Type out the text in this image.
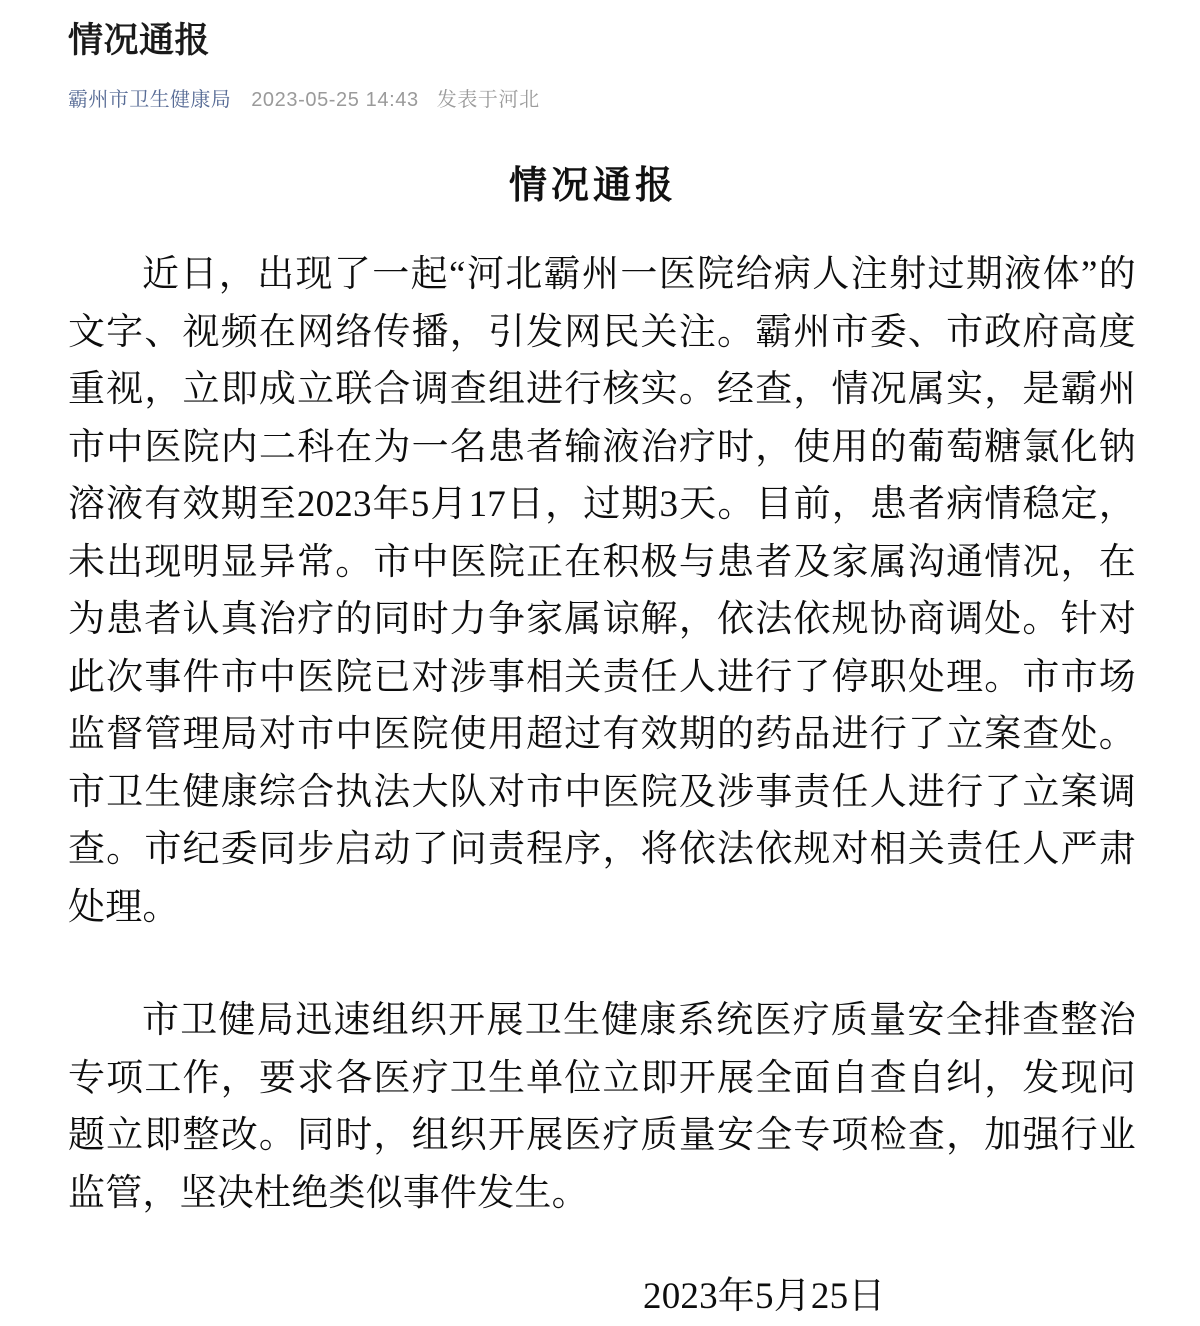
情况通报
霸州市卫生健康局 2023-05-25 14:43 发表于河北
情况通报

近日，出现了一起“河北霸州一医院给病人注射过期液体”的文字、视频在网络传播，引发网民关注。霸州市委、市政府高度重视，立即成立联合调查组进行核实。经查，情况属实，是霸州市中医院内二科在为一名患者输液治疗时，使用的葡萄糖氯化钠溶液有效期至2023年5月17日，过期3天。目前，患者病情稳定，未出现明显异常。市中医院正在积极与患者及家属沟通情况，在为患者认真治疗的同时力争家属谅解，依法依规协商调处。针对此次事件市中医院已对涉事相关责任人进行了停职处理。市市场监督管理局对市中医院使用超过有效期的药品进行了立案查处。市卫生健康综合执法大队对市中医院及涉事责任人进行了立案调查。市纪委同步启动了问责程序，将依法依规对相关责任人严肃处理。

市卫健局迅速组织开展卫生健康系统医疗质量安全排查整治专项工作，要求各医疗卫生单位立即开展全面自查自纠，发现问题立即整改。同时，组织开展医疗质量安全专项检查，加强行业监管，坚决杜绝类似事件发生。

2023年5月25日
